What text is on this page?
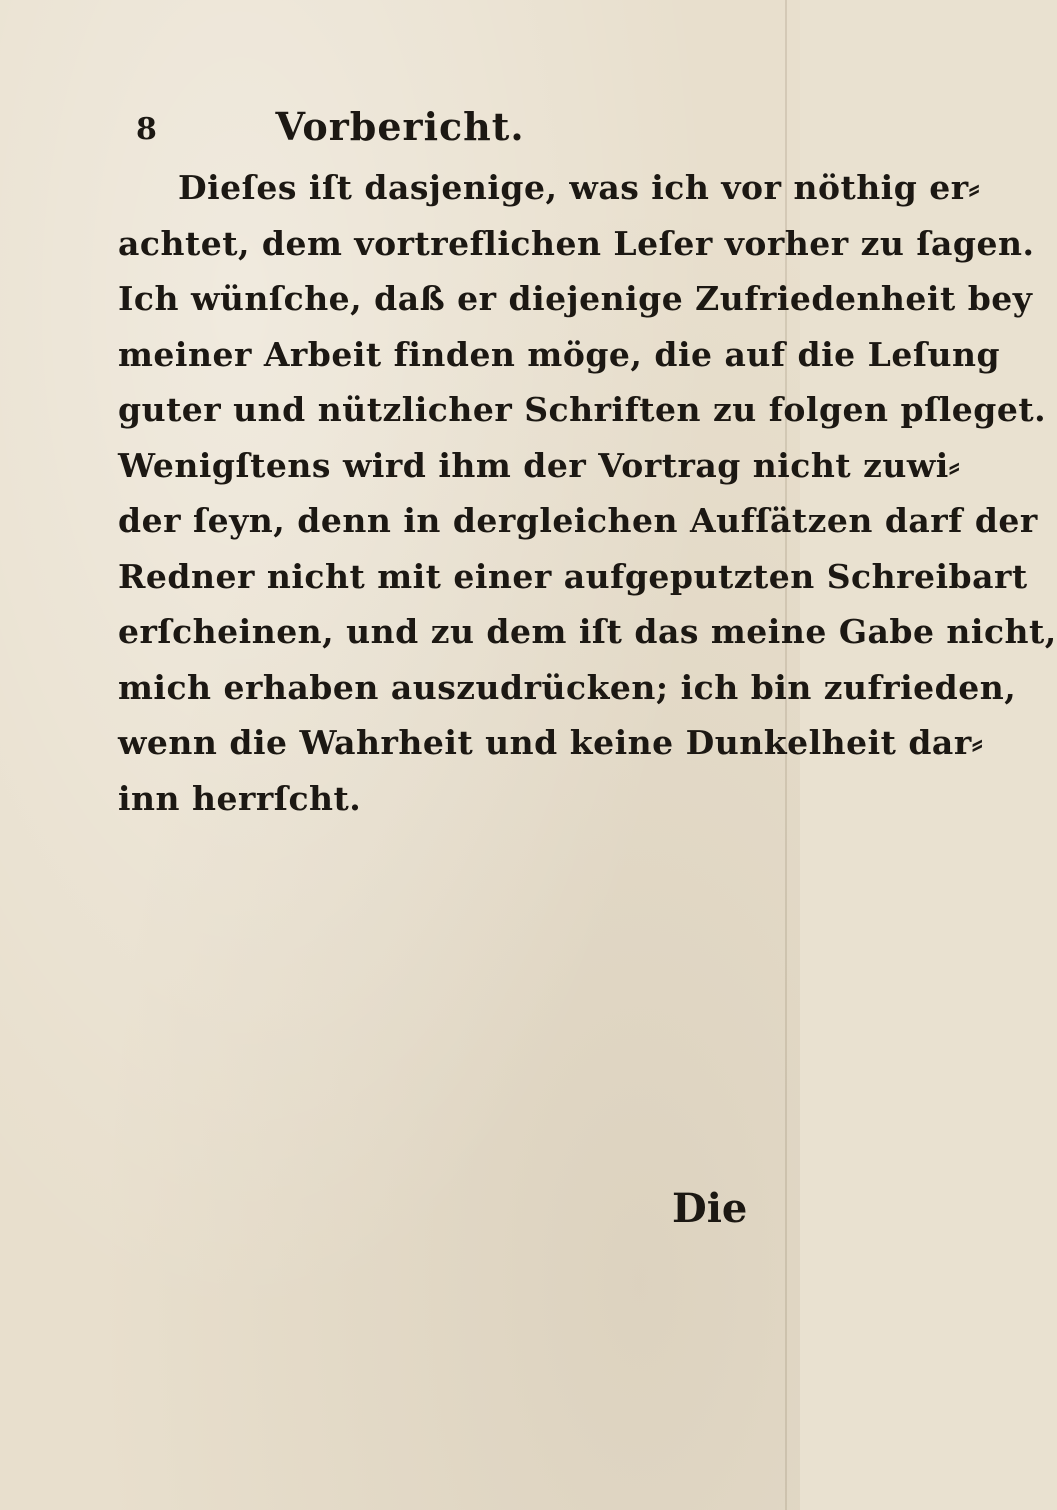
8	Vorbericht.
Dieſes iſt dasjenige, was ich vor nöthig er⸗
achtet, dem vortreflichen Leſer vorher zu ſagen.
Ich wünſche, daß er diejenige Zufriedenheit bey
meiner Arbeit finden möge, die auf die Leſung
guter und nützlicher Schriften zu folgen pſleget.
Wenigſtens wird ihm der Vortrag nicht zuwi⸗
der ſeyn, denn in dergleichen Aufſätzen darf der
Redner nicht mit einer aufgeputzten Schreibart
erſcheinen, und zu dem iſt das meine Gabe nicht,
mich erhaben auszudrücken; ich bin zufrieden,
wenn die Wahrheit und keine Dunkelheit dar⸗
inn herrſcht.
Die
